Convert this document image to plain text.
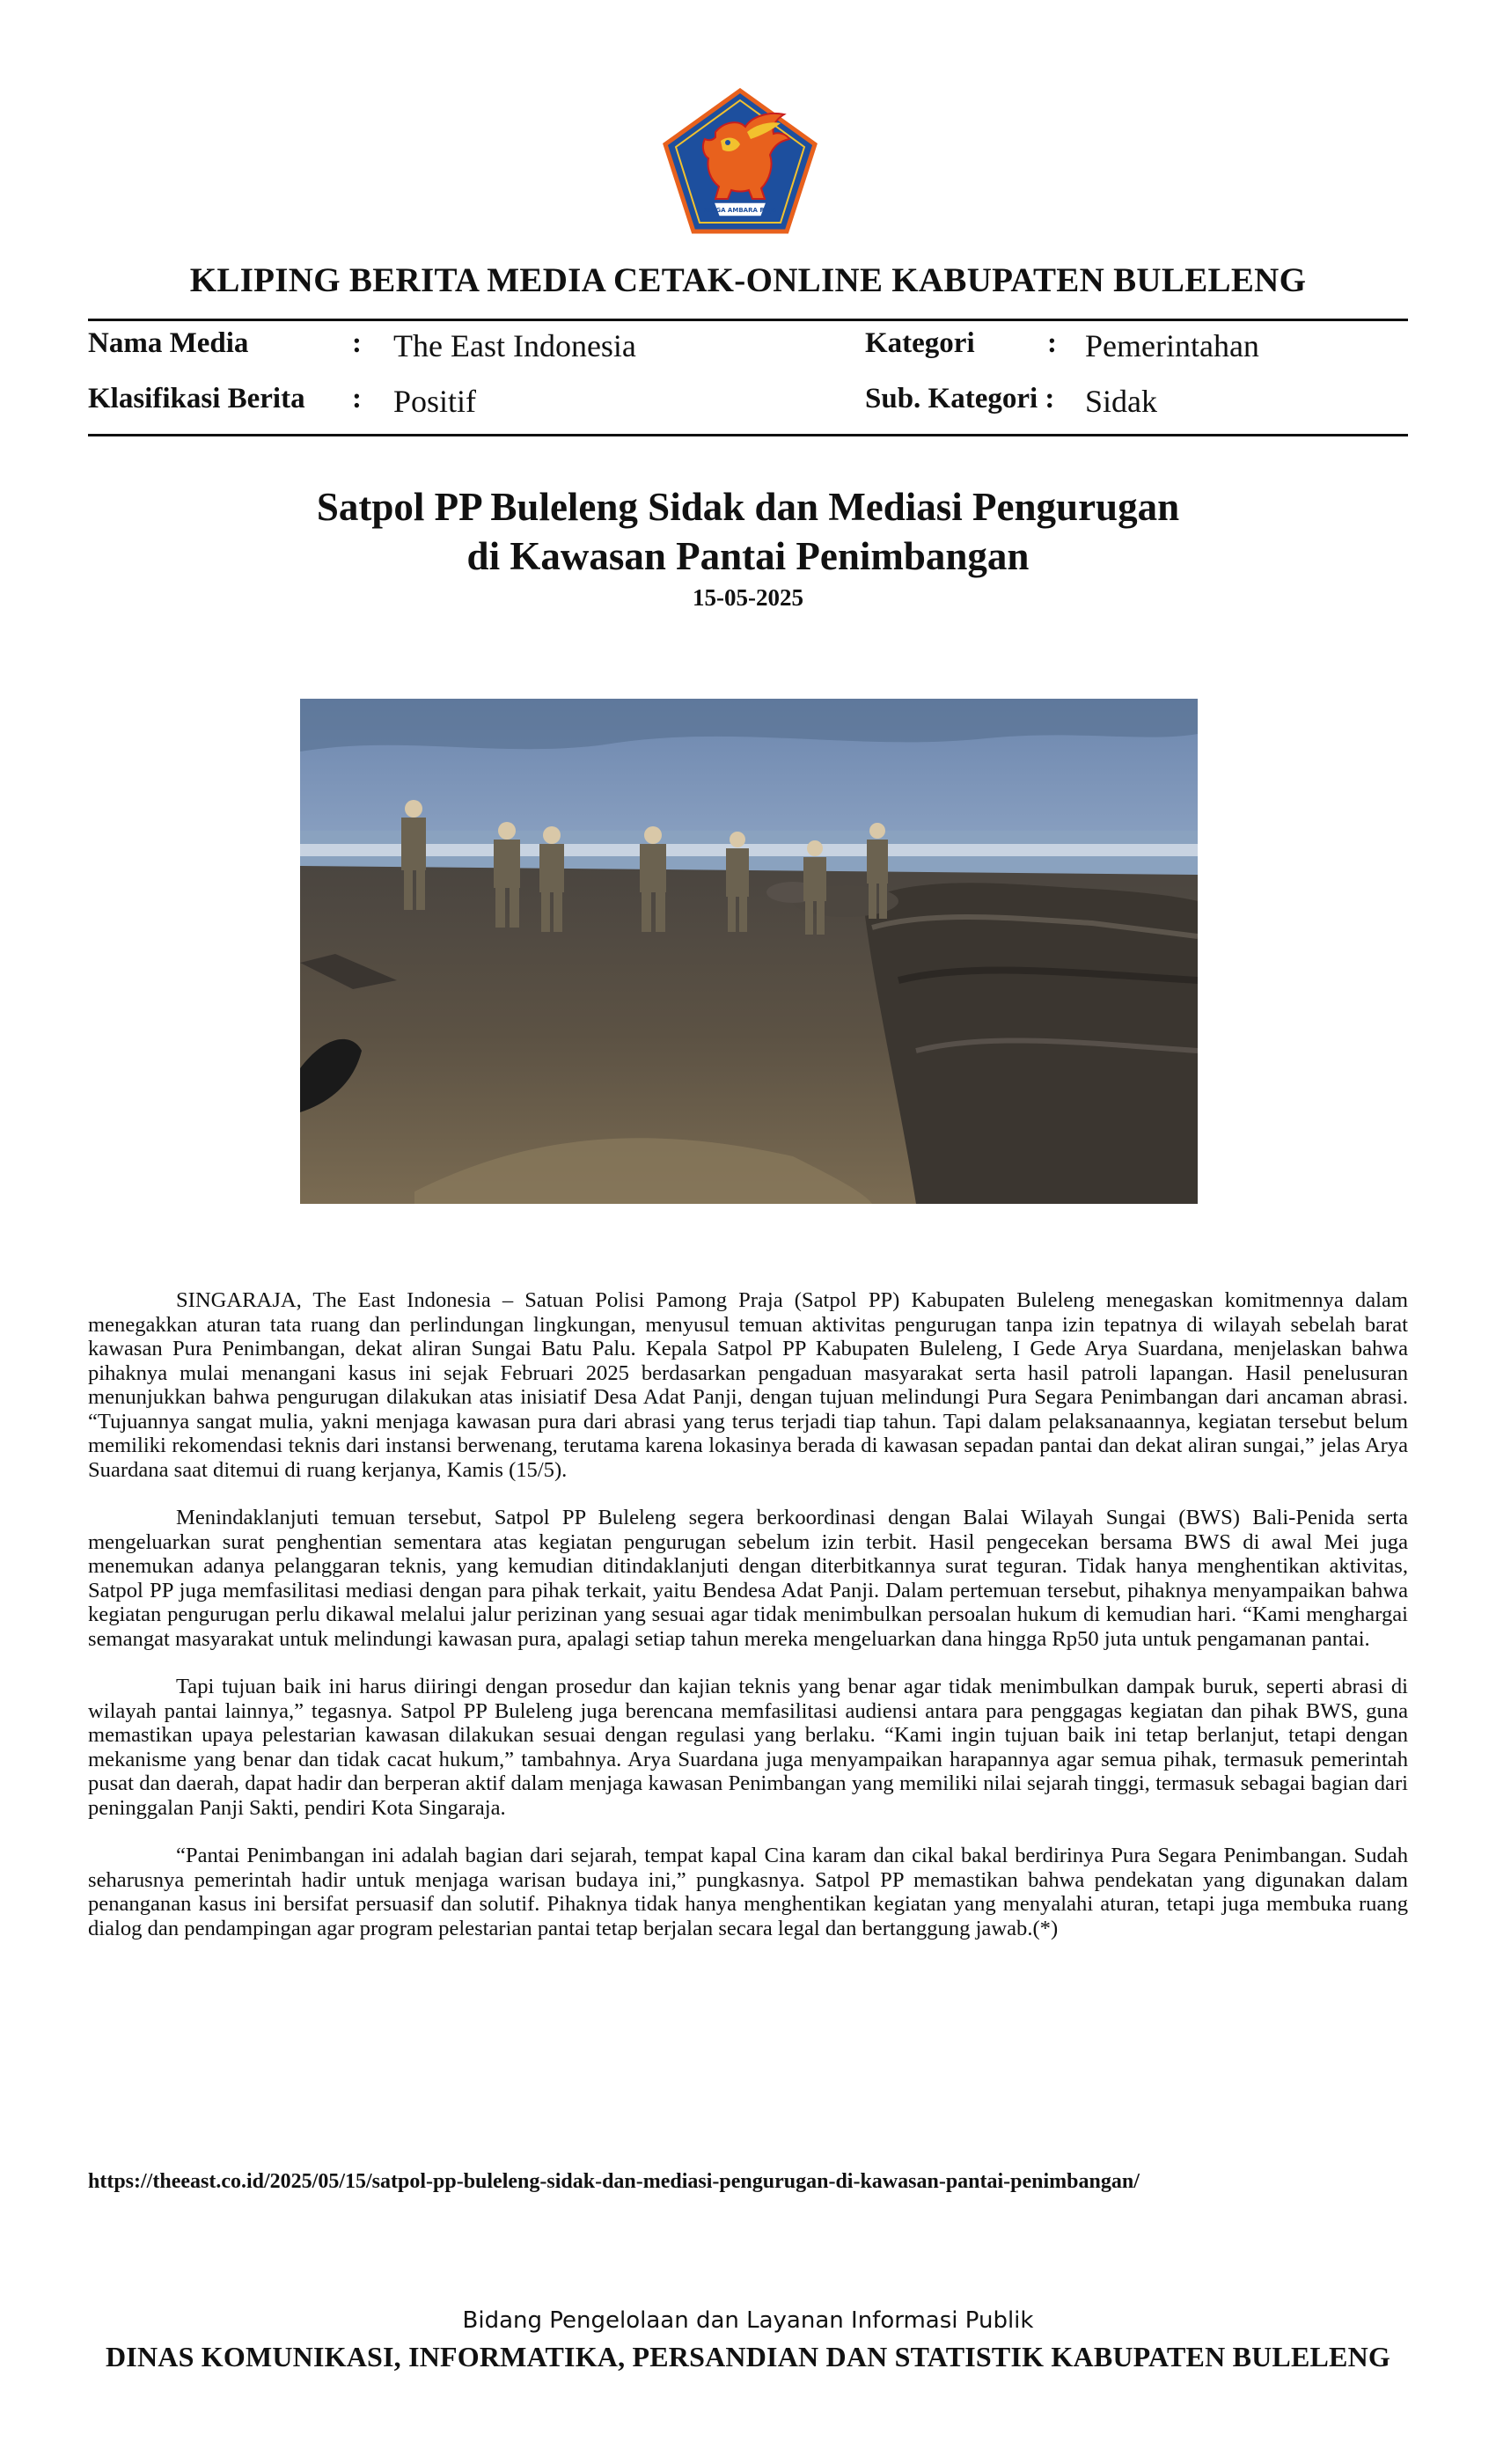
SINGA AMBARA RAJA
KLIPING BERITA MEDIA CETAK-ONLINE KABUPATEN BULELENG
Nama Media	: The East Indonesia	Kategori : Pemerintahan
Klasifikasi Berita : Positif	Sub. Kategori : Sidak
Satpol PP Buleleng Sidak dan Mediasi Pengurugan
di Kawasan Pantai Penimbangan
15-05-2025

SINGARAJA, The East Indonesia – Satuan Polisi Pamong Praja (Satpol PP) Kabupaten Buleleng menegaskan komitmennya dalam menegakkan aturan tata ruang dan perlindungan lingkungan, menyusul temuan aktivitas pengurugan tanpa izin tepatnya di wilayah sebelah barat kawasan Pura Penimbangan, dekat aliran Sungai Batu Palu. Kepala Satpol PP Kabupaten Buleleng, I Gede Arya Suardana, menjelaskan bahwa pihaknya mulai menangani kasus ini sejak Februari 2025 berdasarkan pengaduan masyarakat serta hasil patroli lapangan. Hasil penelusuran menunjukkan bahwa pengurugan dilakukan atas inisiatif Desa Adat Panji, dengan tujuan melindungi Pura Segara Penimbangan dari ancaman abrasi. “Tujuannya sangat mulia, yakni menjaga kawasan pura dari abrasi yang terus terjadi tiap tahun. Tapi dalam pelaksanaannya, kegiatan tersebut belum memiliki rekomendasi teknis dari instansi berwenang, terutama karena lokasinya berada di kawasan sepadan pantai dan dekat aliran sungai,” jelas Arya Suardana saat ditemui di ruang kerjanya, Kamis (15/5).

Menindaklanjuti temuan tersebut, Satpol PP Buleleng segera berkoordinasi dengan Balai Wilayah Sungai (BWS) Bali-Penida serta mengeluarkan surat penghentian sementara atas kegiatan pengurugan sebelum izin terbit. Hasil pengecekan bersama BWS di awal Mei juga menemukan adanya pelanggaran teknis, yang kemudian ditindaklanjuti dengan diterbitkannya surat teguran. Tidak hanya menghentikan aktivitas, Satpol PP juga memfasilitasi mediasi dengan para pihak terkait, yaitu Bendesa Adat Panji. Dalam pertemuan tersebut, pihaknya menyampaikan bahwa kegiatan pengurugan perlu dikawal melalui jalur perizinan yang sesuai agar tidak menimbulkan persoalan hukum di kemudian hari. “Kami menghargai semangat masyarakat untuk melindungi kawasan pura, apalagi setiap tahun mereka mengeluarkan dana hingga Rp50 juta untuk pengamanan pantai.

Tapi tujuan baik ini harus diiringi dengan prosedur dan kajian teknis yang benar agar tidak menimbulkan dampak buruk, seperti abrasi di wilayah pantai lainnya,” tegasnya. Satpol PP Buleleng juga berencana memfasilitasi audiensi antara para penggagas kegiatan dan pihak BWS, guna memastikan upaya pelestarian kawasan dilakukan sesuai dengan regulasi yang berlaku. “Kami ingin tujuan baik ini tetap berlanjut, tetapi dengan mekanisme yang benar dan tidak cacat hukum,” tambahnya. Arya Suardana juga menyampaikan harapannya agar semua pihak, termasuk pemerintah pusat dan daerah, dapat hadir dan berperan aktif dalam menjaga kawasan Penimbangan yang memiliki nilai sejarah tinggi, termasuk sebagai bagian dari peninggalan Panji Sakti, pendiri Kota Singaraja.

“Pantai Penimbangan ini adalah bagian dari sejarah, tempat kapal Cina karam dan cikal bakal berdirinya Pura Segara Penimbangan. Sudah seharusnya pemerintah hadir untuk menjaga warisan budaya ini,” pungkasnya. Satpol PP memastikan bahwa pendekatan yang digunakan dalam penanganan kasus ini bersifat persuasif dan solutif. Pihaknya tidak hanya menghentikan kegiatan yang menyalahi aturan, tetapi juga membuka ruang dialog dan pendampingan agar program pelestarian pantai tetap berjalan secara legal dan bertanggung jawab.(*)

https://theeast.co.id/2025/05/15/satpol-pp-buleleng-sidak-dan-mediasi-pengurugan-di-kawasan-pantai-penimbangan/
Bidang Pengelolaan dan Layanan Informasi Publik
DINAS KOMUNIKASI, INFORMATIKA, PERSANDIAN DAN STATISTIK KABUPATEN BULELENG
